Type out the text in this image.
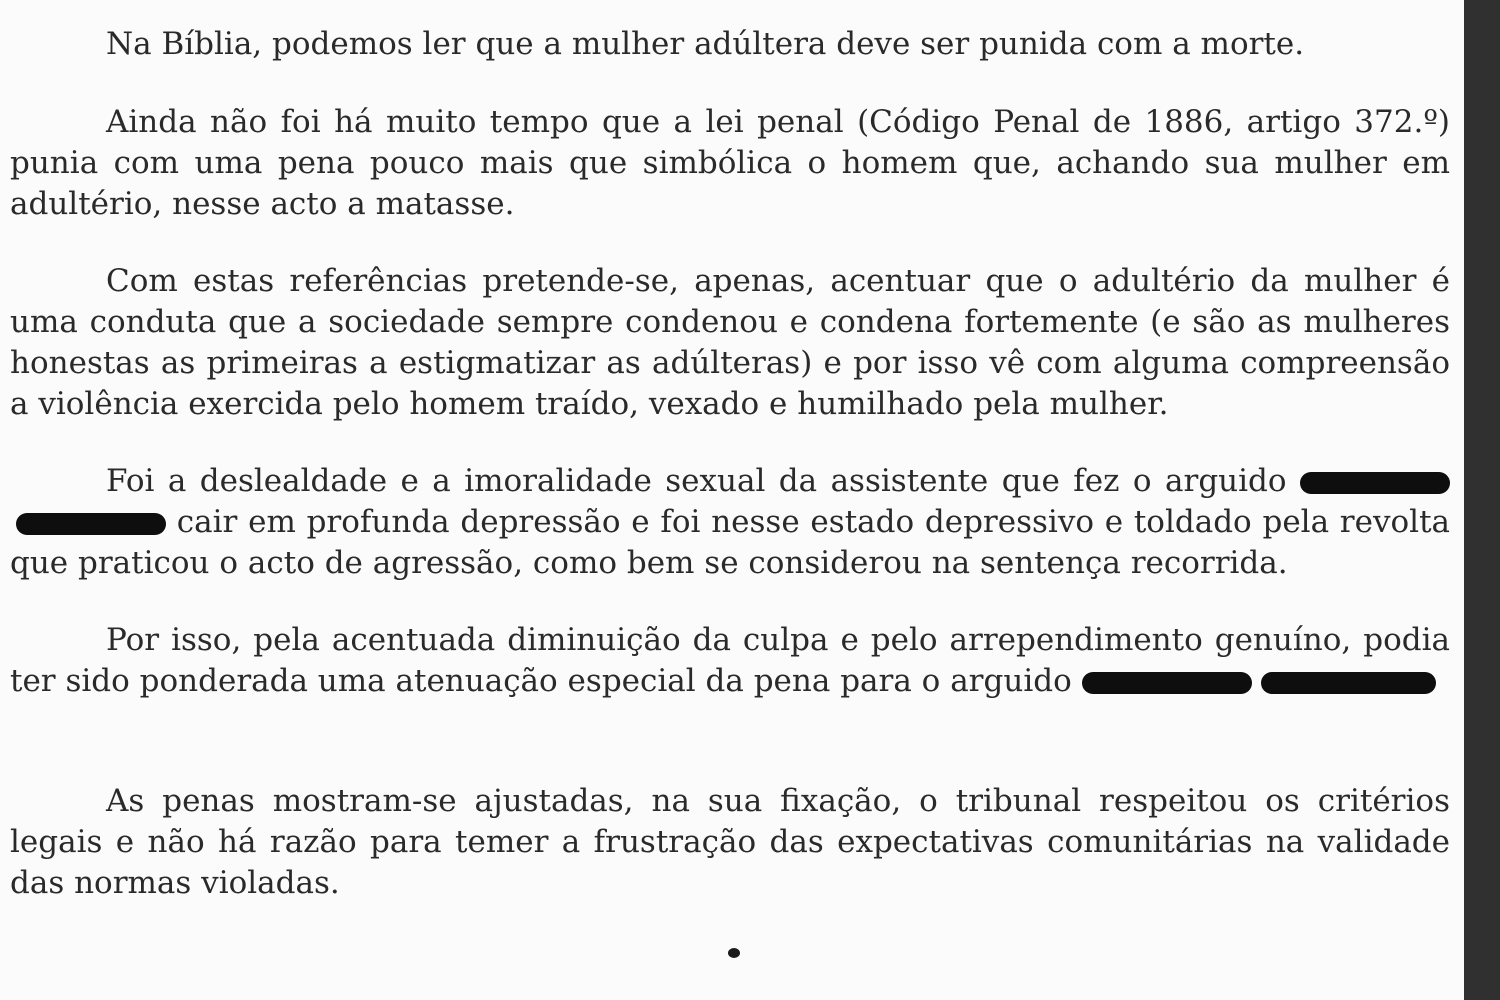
Na Bíblia, podemos ler que a mulher adúltera deve ser punida com a morte.

Ainda não foi há muito tempo que a lei penal (Código Penal de 1886, artigo 372.º) punia com uma pena pouco mais que simbólica o homem que, achando sua mulher em adultério, nesse acto a matasse.

Com estas referências pretende-se, apenas, acentuar que o adultério da mulher é uma conduta que a sociedade sempre condenou e condena fortemente (e são as mulheres honestas as primeiras a estigmatizar as adúlteras) e por isso vê com alguma compreensão a violência exercida pelo homem traído, vexado e humilhado pela mulher.

Foi a deslealdade e a imoralidade sexual da assistente que fez o arguido  cair em profunda depressão e foi nesse estado depressivo e toldado pela revolta que praticou o acto de agressão, como bem se considerou na sentença recorrida.

Por isso, pela acentuada diminuição da culpa e pelo arrependimento genuíno, podia ter sido ponderada uma atenuação especial da pena para o arguido

As penas mostram-se ajustadas, na sua fixação, o tribunal respeitou os critérios legais e não há razão para temer a frustração das expectativas comunitárias na validade das normas violadas.
